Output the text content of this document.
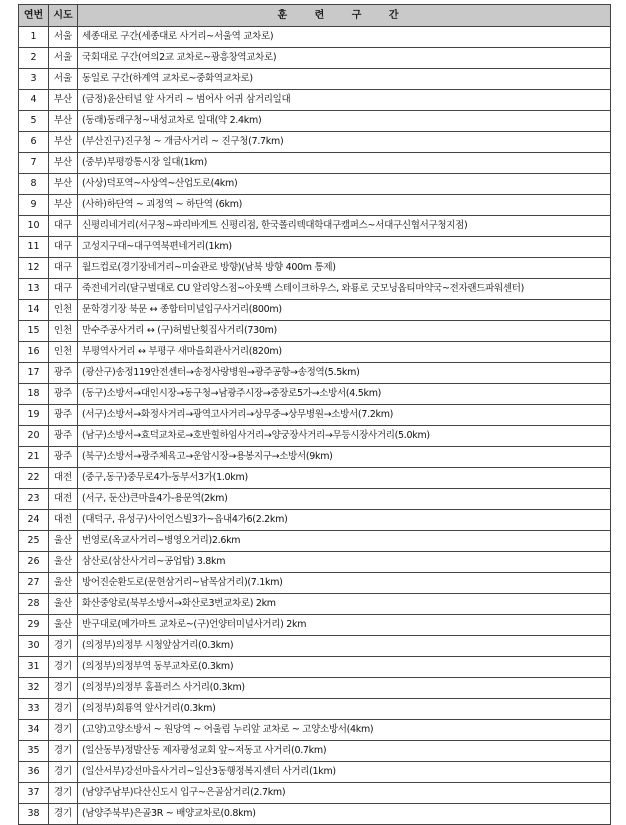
연번	시도	훈 련 구 간
1	서울	세종대로 구간(세종대로 사거리~서울역 교차로)
2	서울	국회대로 구간(여의2교 교차로~광흥창역교차로)
3	서울	동일로 구간(하계역 교차로~중화역교차로)
4	부산	(금정)윤산터널 앞 사거리 ~ 범어사 어귀 삼거리일대
5	부산	(동래)동래구청~내성교차로 일대(약 2.4km)
6	부산	(부산진구)진구청 ~ 개금사거리 ~ 진구청(7.7km)
7	부산	(중부)부평깡통시장 일대(1km)
8	부산	(사상)덕포역~사상역~산업도로(4km)
9	부산	(사하)하단역 ~ 괴정역 ~ 하단역 (6km)
10	대구	신평리네거리(서구청~파리바게트 신평리점, 한국폴리텍대학대구캠퍼스~서대구신협서구청지점)
11	대구	고성지구대~대구역북편네거리(1km)
12	대구	월드컵로(경기장네거리~미술관로 방향)(남북 방향 400m 통제)
13	대구	죽전네거리(달구벌대로 CU 알리앙스점~아웃백 스테이크하우스, 와룡로 굿모닝옵티마약국~전자랜드파워센터)
14	인천	문학경기장 북문 ↔ 종합터미널입구사거리(800m)
15	인천	만수주공사거리 ↔ (구)허벌난횟집사거리(730m)
16	인천	부평역사거리 ↔ 부평구 새마을회관사거리(820m)
17	광주	(광산구)송정119안전센터→송정사랑병원→광주공항→송정역(5.5km)
18	광주	(동구)소방서→대인시장→동구청→남광주시장→중장로5가→소방서(4.5km)
19	광주	(서구)소방서→화정사거리→광역고사거리→상무중→상무병원→소방서(7.2km)
20	광주	(남구)소방서→효덕교차로→호반힐하임사거리→양궁장사거리→무등시장사거리(5.0km)
21	광주	(북구)소방서→광주체육고→운암시장→용봉지구→소방서(9km)
22	대전	(중구,동구)중무로4가-동부서3가(1.0km)
23	대전	(서구, 둔산)큰마을4가-용문역(2km)
24	대전	(대덕구, 유성구)사이언스빌3가~읍내4가6(2.2km)
25	울산	번영로(옥교사거리~병영오거리)2.6km
26	울산	삼산로(삼산사거리~공업탑) 3.8km
27	울산	방어진순환도로(문현삼거리~남목삼거리)(7.1km)
28	울산	화산중앙로(북부소방서→화산로3번교차로) 2km
29	울산	반구대로(메가마트 교차로~(구)언양터미널사거리) 2km
30	경기	(의정부)의정부 시청앞삼거리(0.3km)
31	경기	(의정부)의정부역 동부교차로(0.3km)
32	경기	(의정부)의정부 홈플러스 사거리(0.3km)
33	경기	(의정부)회룡역 앞사거리(0.3km)
34	경기	(고양)고양소방서 ~ 원당역 ~ 어울림 누리앞 교차로 ~ 고양소방서(4km)
35	경기	(일산동부)정발산동 제자광성교회 앞~저동고 사거리(0.7km)
36	경기	(일산서부)강선마을사거리~일산3동행정복지센터 사거리(1km)
37	경기	(남양주남부)다산신도시 입구~은골삼거리(2.7km)
38	경기	(남양주북부)은골3R ~ 배양교차로(0.8km)
